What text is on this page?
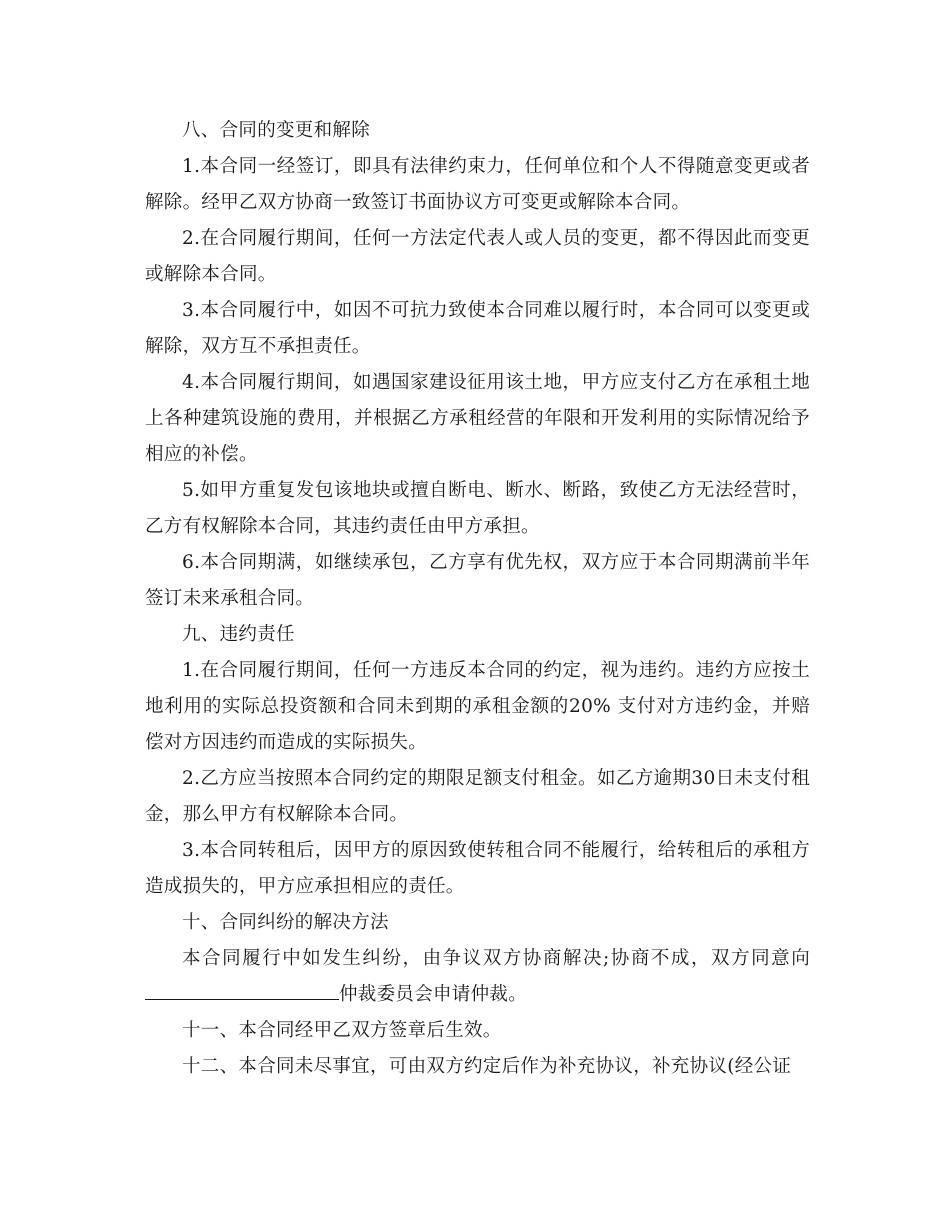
八、合同的变更和解除

1.本合同一经签订，即具有法律约束力，任何单位和个人不得随意变更或者解除。经甲乙双方协商一致签订书面协议方可变更或解除本合同。

2.在合同履行期间，任何一方法定代表人或人员的变更，都不得因此而变更或解除本合同。

3.本合同履行中，如因不可抗力致使本合同难以履行时，本合同可以变更或解除，双方互不承担责任。

4.本合同履行期间，如遇国家建设征用该土地，甲方应支付乙方在承租土地上各种建筑设施的费用，并根据乙方承租经营的年限和开发利用的实际情况给予相应的补偿。

5.如甲方重复发包该地块或擅自断电、断水、断路，致使乙方无法经营时，乙方有权解除本合同，其违约责任由甲方承担。

6.本合同期满，如继续承包，乙方享有优先权，双方应于本合同期满前半年签订未来承租合同。

九、违约责任

1.在合同履行期间，任何一方违反本合同的约定，视为违约。违约方应按土地利用的实际总投资额和合同未到期的承租金额的20% 支付对方违约金，并赔偿对方因违约而造成的实际损失。

2.乙方应当按照本合同约定的期限足额支付租金。如乙方逾期30日未支付租金，那么甲方有权解除本合同。

3.本合同转租后，因甲方的原因致使转租合同不能履行，给转租后的承租方造成损失的，甲方应承担相应的责任。

十、合同纠纷的解决方法

本合同履行中如发生纠纷，由争议双方协商解决;协商不成，双方同意向仲裁委员会申请仲裁。

十一、本合同经甲乙双方签章后生效。

十二、本合同未尽事宜，可由双方约定后作为补充协议，补充协议(经公证
